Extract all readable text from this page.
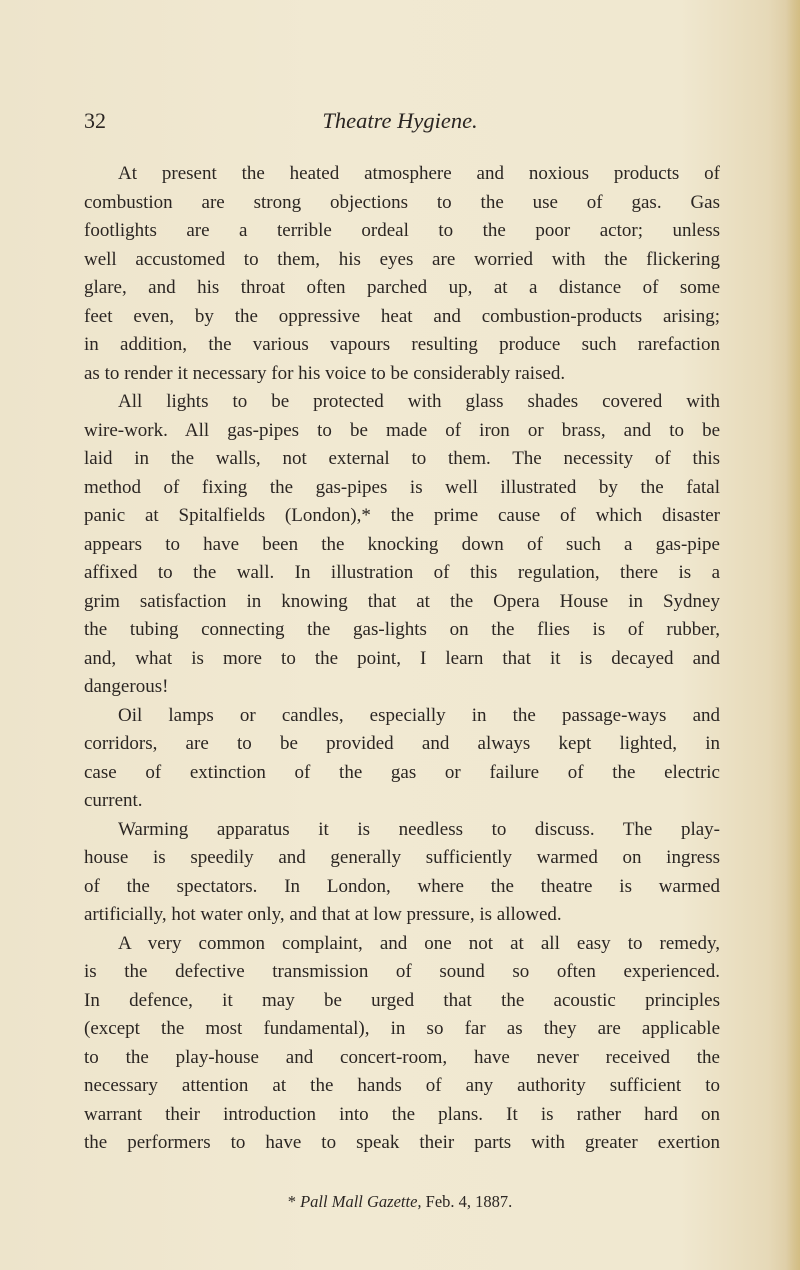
32	Theatre Hygiene.
At present the heated atmosphere and noxious products of
combustion are strong objections to the use of gas. Gas
footlights are a terrible ordeal to the poor actor; unless
well accustomed to them, his eyes are worried with the flickering
glare, and his throat often parched up, at a distance of some
feet even, by the oppressive heat and combustion-products arising;
in addition, the various vapours resulting produce such rarefaction
as to render it necessary for his voice to be considerably raised.
All lights to be protected with glass shades covered with
wire-work. All gas-pipes to be made of iron or brass, and to be
laid in the walls, not external to them. The necessity of this
method of fixing the gas-pipes is well illustrated by the fatal
panic at Spitalfields (London),* the prime cause of which disaster
appears to have been the knocking down of such a gas-pipe
affixed to the wall. In illustration of this regulation, there is a
grim satisfaction in knowing that at the Opera House in Sydney
the tubing connecting the gas-lights on the flies is of rubber,
and, what is more to the point, I learn that it is decayed and
dangerous!
Oil lamps or candles, especially in the passage-ways and
corridors, are to be provided and always kept lighted, in
case of extinction of the gas or failure of the electric
current.
Warming apparatus it is needless to discuss. The play-
house is speedily and generally sufficiently warmed on ingress
of the spectators. In London, where the theatre is warmed
artificially, hot water only, and that at low pressure, is allowed.
A very common complaint, and one not at all easy to remedy,
is the defective transmission of sound so often experienced.
In defence, it may be urged that the acoustic principles
(except the most fundamental), in so far as they are applicable
to the play-house and concert-room, have never received the
necessary attention at the hands of any authority sufficient to
warrant their introduction into the plans. It is rather hard on
the performers to have to speak their parts with greater exertion
* Pall Mall Gazette, Feb. 4, 1887.
